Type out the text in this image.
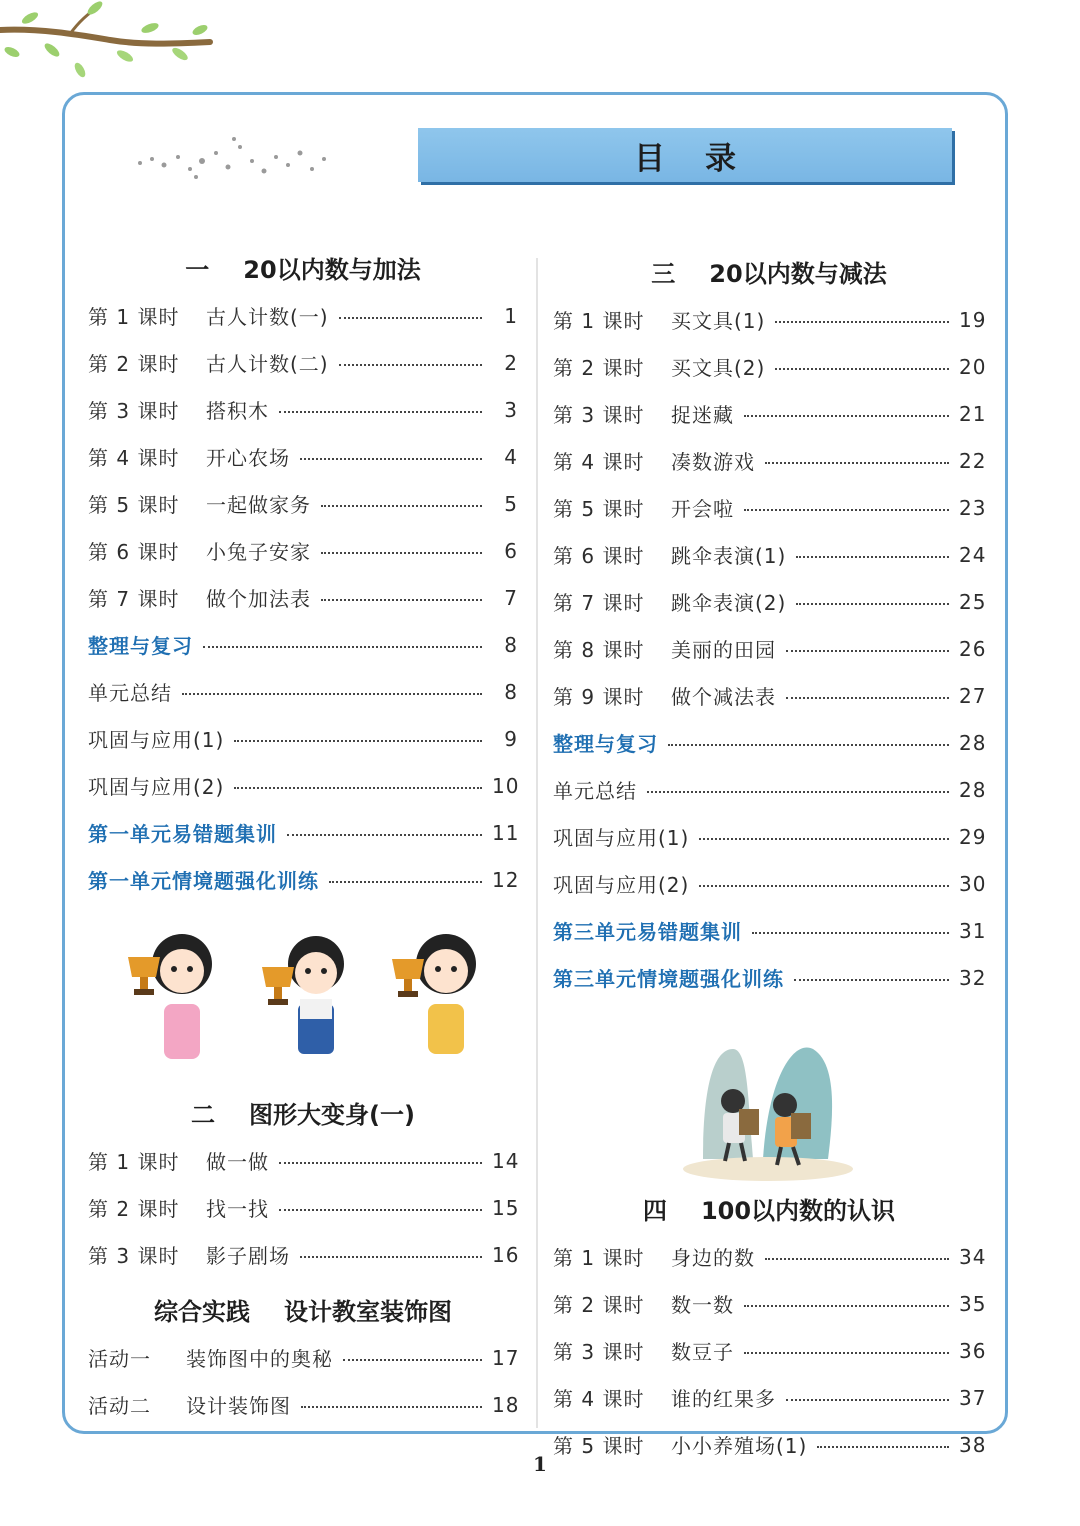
目录
一 20以内数与加法
第 1 课时	古人计数(一)	1
第 2 课时	古人计数(二)	2
第 3 课时	搭积木	3
第 4 课时	开心农场	4
第 5 课时	一起做家务	5
第 6 课时	小兔子安家	6
第 7 课时	做个加法表	7
整理与复习	8
单元总结	8
巩固与应用(1)	9
巩固与应用(2)	10
第一单元易错题集训	11
第一单元情境题强化训练	12
二 图形大变身(一)
第 1 课时	做一做	14
第 2 课时	找一找	15
第 3 课时	影子剧场	16
综合实践 设计教室装饰图
活动一	装饰图中的奥秘	17
活动二	设计装饰图	18
三 20以内数与减法
第 1 课时	买文具(1)	19
第 2 课时	买文具(2)	20
第 3 课时	捉迷藏	21
第 4 课时	凑数游戏	22
第 5 课时	开会啦	23
第 6 课时	跳伞表演(1)	24
第 7 课时	跳伞表演(2)	25
第 8 课时	美丽的田园	26
第 9 课时	做个减法表	27
整理与复习	28
单元总结	28
巩固与应用(1)	29
巩固与应用(2)	30
第三单元易错题集训	31
第三单元情境题强化训练	32
四 100以内数的认识
第 1 课时	身边的数	34
第 2 课时	数一数	35
第 3 课时	数豆子	36
第 4 课时	谁的红果多	37
第 5 课时	小小养殖场(1)	38
1
